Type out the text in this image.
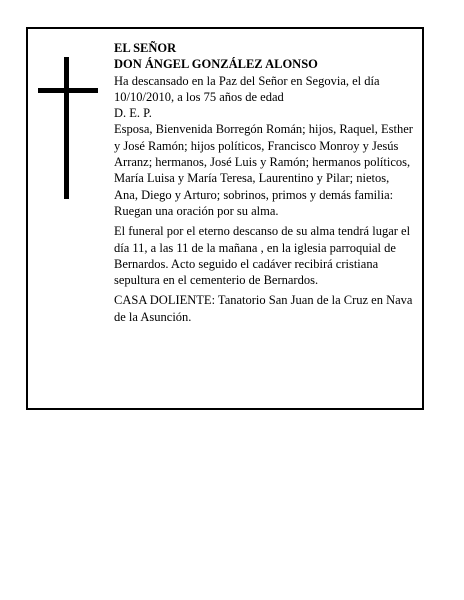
EL SEÑOR

DON ÁNGEL GONZÁLEZ ALONSO

Ha descansado en la Paz del Señor en Segovia, el día 10/10/2010, a los 75 años de edad

D. E. P.

Esposa, Bienvenida Borregón Román; hijos, Raquel, Esther y José Ramón; hijos políticos, Francisco Monroy y Jesús Arranz; hermanos, José Luis y Ramón; hermanos políticos, María Luisa y María Teresa, Laurentino y Pilar; nietos, Ana, Diego y Arturo; sobrinos, primos y demás familia:

Ruegan una oración por su alma.

El funeral por el eterno descanso de su alma tendrá lugar el día 11, a las 11 de la mañana , en la iglesia parroquial de Bernardos. Acto seguido el cadáver recibirá cristiana sepultura en el cementerio de Bernardos.

CASA DOLIENTE: Tanatorio San Juan de la Cruz en Nava de la Asunción.
